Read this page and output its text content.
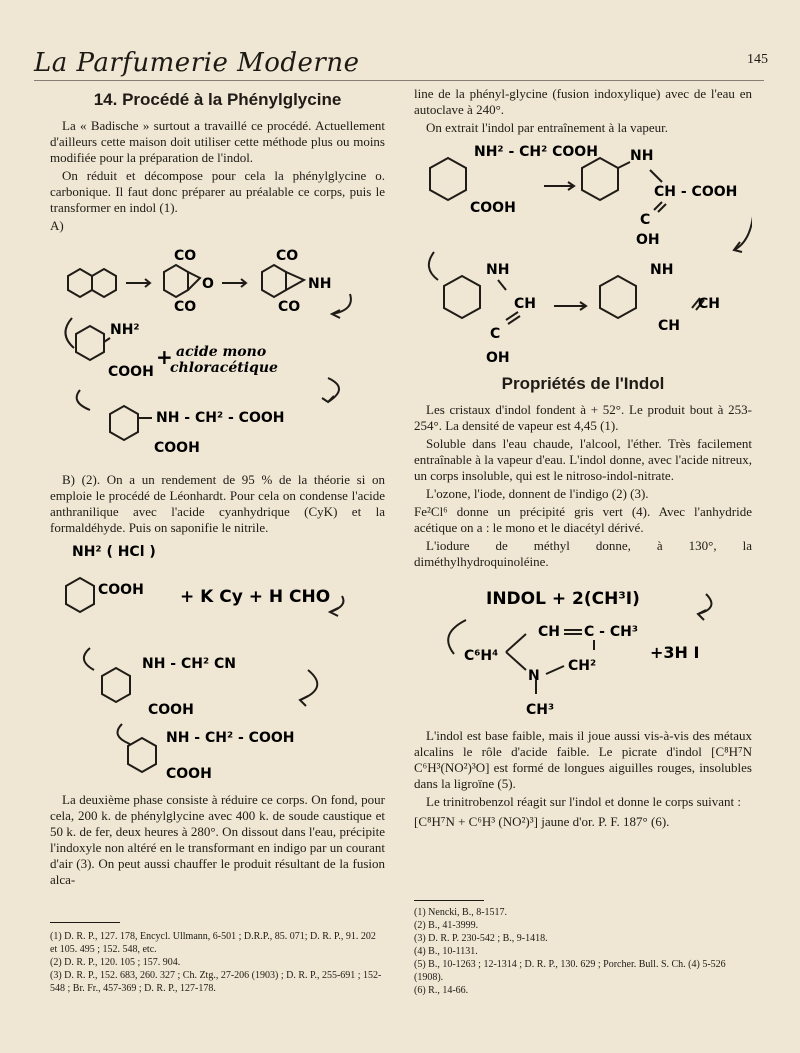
La Parfumerie Moderne	145
14. Procédé à la Phénylglycine

La « Badische » surtout a travaillé ce procédé. Actuellement d'ailleurs cette maison doit utiliser cette méthode plus ou moins modifiée pour la préparation de l'indol.

On réduit et décompose pour cela la phénylglycine o. carbonique. Il faut donc préparer au préalable ce corps, puis le transformer en indol (1).

A)
CO
CO
O
CO
CO
NH
NH²
+ acide mono
chloracétique
COOH
NH - CH² - COOH
COOH

B) (2). On a un rendement de 95 % de la théorie si on emploie le procédé de Léonhardt. Pour cela on condense l'acide anthranilique avec l'acide cyanhydrique (CyK) et la formaldéhyde. Puis on saponifie le nitrile.

NH² ( HCl )
COOH + K Cy + H CHO
NH - CH² CN
COOH
NH - CH² - COOH
COOH

La deuxième phase consiste à réduire ce corps. On fond, pour cela, 200 k. de phénylglycine avec 400 k. de soude caustique et 50 k. de fer, deux heures à 280°. On dissout dans l'eau, précipite l'indoxyle non altéré en le transformant en indigo par un courant d'air (3). On peut aussi chauffer le produit résultant de la fusion alca-

line de la phényl-glycine (fusion indoxylique) avec de l'eau en autoclave à 240°.

On extrait l'indol par entraînement à la vapeur.

NH² - CH² COOH NH
CH - COOH
COOH
C
OH
NH
CH
C
OH
NH
CH
CH
Propriétés de l'Indol

Les cristaux d'indol fondent à + 52°. Le produit bout à 253-254°. La densité de vapeur est 4,45 (1).

Soluble dans l'eau chaude, l'alcool, l'éther. Très facilement entraînable à la vapeur d'eau. L'indol donne, avec l'acide nitreux, un corps insoluble, qui est le nitroso-indol-nitrate.

L'ozone, l'iode, donnent de l'indigo (2) (3).

Fe²Cl⁶ donne un précipité gris vert (4). Avec l'anhydride acétique on a : le mono et le diacétyl dérivé.

L'iodure de méthyl donne, à 130°, la diméthylhydroquinoléine.

INDOL + 2(CH³I)
C⁶H⁴
CH C - CH³
+3H I
N
CH²
CH³

L'indol est base faible, mais il joue aussi vis-à-vis des métaux alcalins le rôle d'acide faible. Le picrate d'indol [C⁸H⁷N C⁶H³(NO²)³O] est formé de longues aiguilles rouges, insolubles dans la ligroïne (5).

Le trinitrobenzol réagit sur l'indol et donne le corps suivant :

[C⁸H⁷N + C⁶H³ (NO²)³] jaune d'or. P. F. 187° (6).

(1) D. R. P., 127. 178, Encycl. Ullmann, 6-501 ; D.R.P., 85. 071; D. R. P., 91. 202 et 105. 495 ; 152. 548, etc.
(2) D. R. P., 120. 105 ; 157. 904.
(3) D. R. P., 152. 683, 260. 327 ; Ch. Ztg., 27-206 (1903) ; D. R. P., 255-691 ; 152-548 ; Br. Fr., 457-369 ; D. R. P., 127-178.
(1) Nencki, B., 8-1517.
(2) B., 41-3999.
(3) D. R. P. 230-542 ; B., 9-1418.
(4) B., 10-1131.
(5) B., 10-1263 ; 12-1314 ; D. R. P., 130. 629 ; Porcher. Bull. S. Ch. (4) 5-526 (1908).
(6) R., 14-66.
